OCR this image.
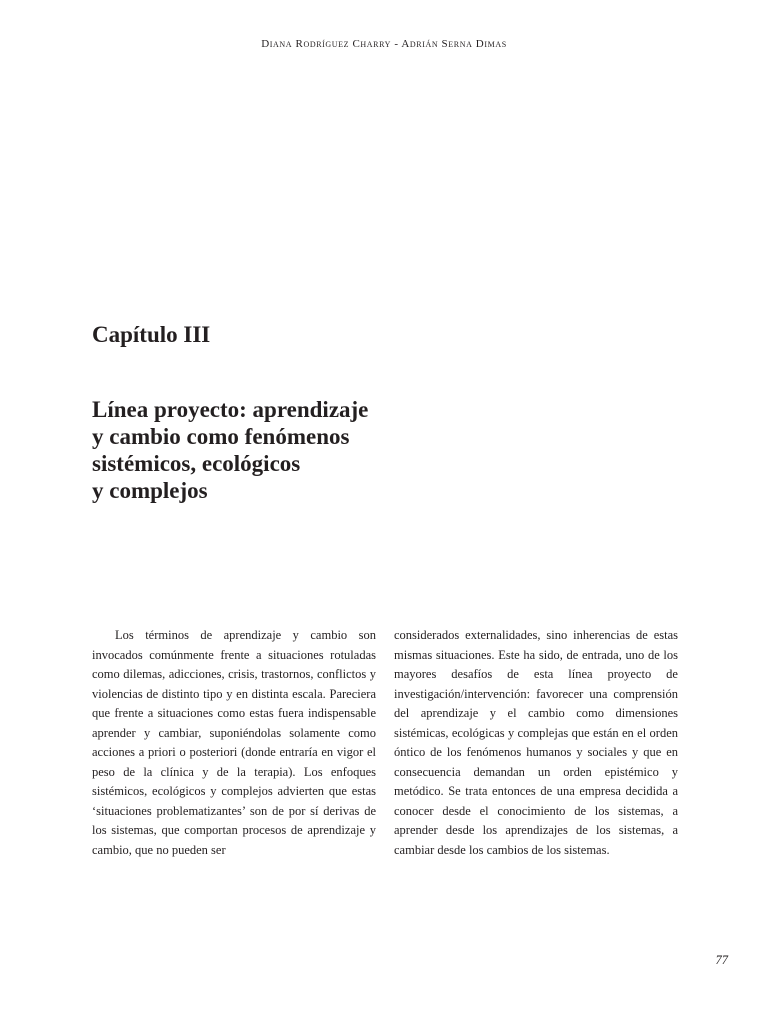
Diana Rodríguez Charry - Adrián Serna Dimas
Capítulo III
Línea proyecto: aprendizaje
y cambio como fenómenos
sistémicos, ecológicos
y complejos

Los términos de aprendizaje y cambio son invocados comúnmente frente a situaciones rotuladas como dilemas, adicciones, crisis, trastornos, conflictos y violencias de distinto tipo y en distinta escala. Pareciera que frente a situaciones como estas fuera indispensable aprender y cambiar, suponiéndolas solamente como acciones a priori o posteriori (donde entraría en vigor el peso de la clínica y de la terapia). Los enfoques sistémicos, ecológicos y complejos advierten que estas ‘situaciones problematizantes’ son de por sí derivas de los sistemas, que comportan procesos de aprendizaje y cambio, que no pueden ser

considerados externalidades, sino inherencias de estas mismas situaciones. Este ha sido, de entrada, uno de los mayores desafíos de esta línea proyecto de investigación/intervención: favorecer una comprensión del aprendizaje y el cambio como dimensiones sistémicas, ecológicas y complejas que están en el orden óntico de los fenómenos humanos y sociales y que en consecuencia demandan un orden epistémico y metódico. Se trata entonces de una empresa decidida a conocer desde el conocimiento de los sistemas, a aprender desde los aprendizajes de los sistemas, a cambiar desde los cambios de los sistemas.

77
